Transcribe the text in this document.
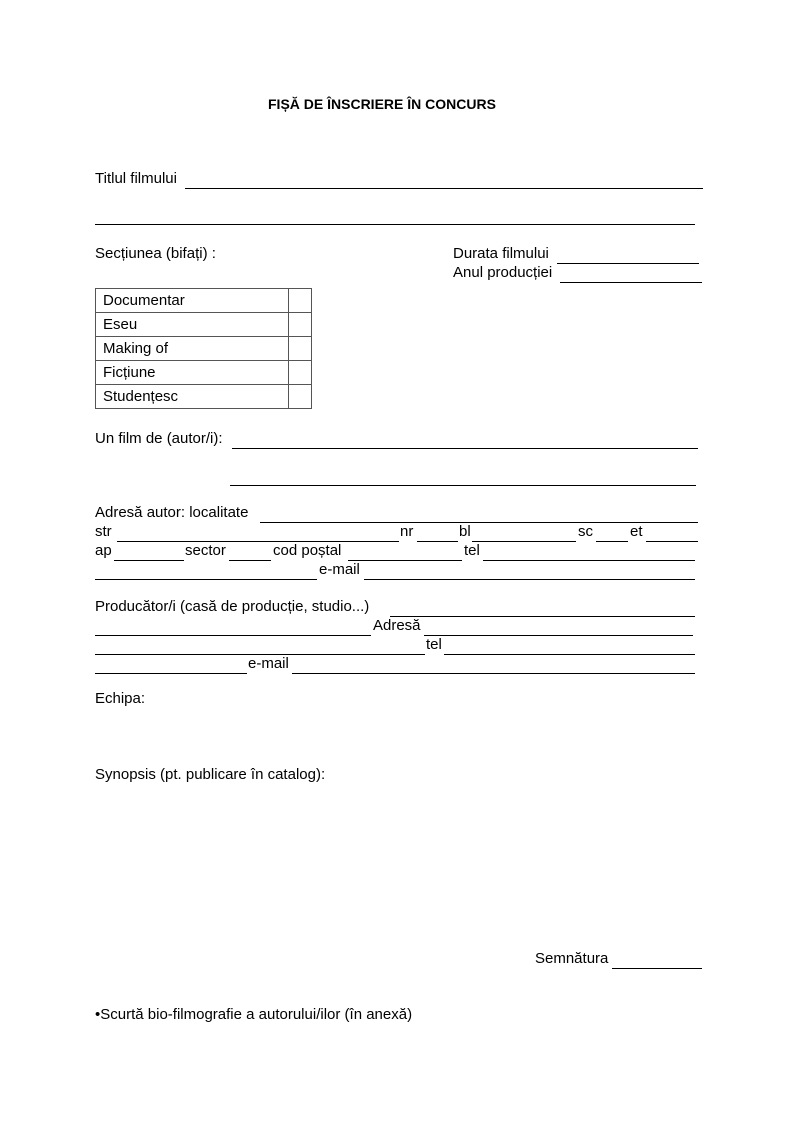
FIȘĂ DE ÎNSCRIERE ÎN CONCURS
Titlul filmului
Secțiunea (bifați) :	Durata filmului
Anul producției
Documentar	
Eseu	
Making of	
Ficțiune	
Studențesc	
Un film de (autor/i):
Adresă autor: localitate
str	nr	bl	sc et
ap	sector	cod poștal	tel
e-mail
Producător/i (casă de producție, studio...)
Adresă
tel
e-mail
Echipa:
Synopsis (pt. publicare în catalog):
Semnătura
•Scurtă bio-filmografie a autorului/ilor (în anexă)
